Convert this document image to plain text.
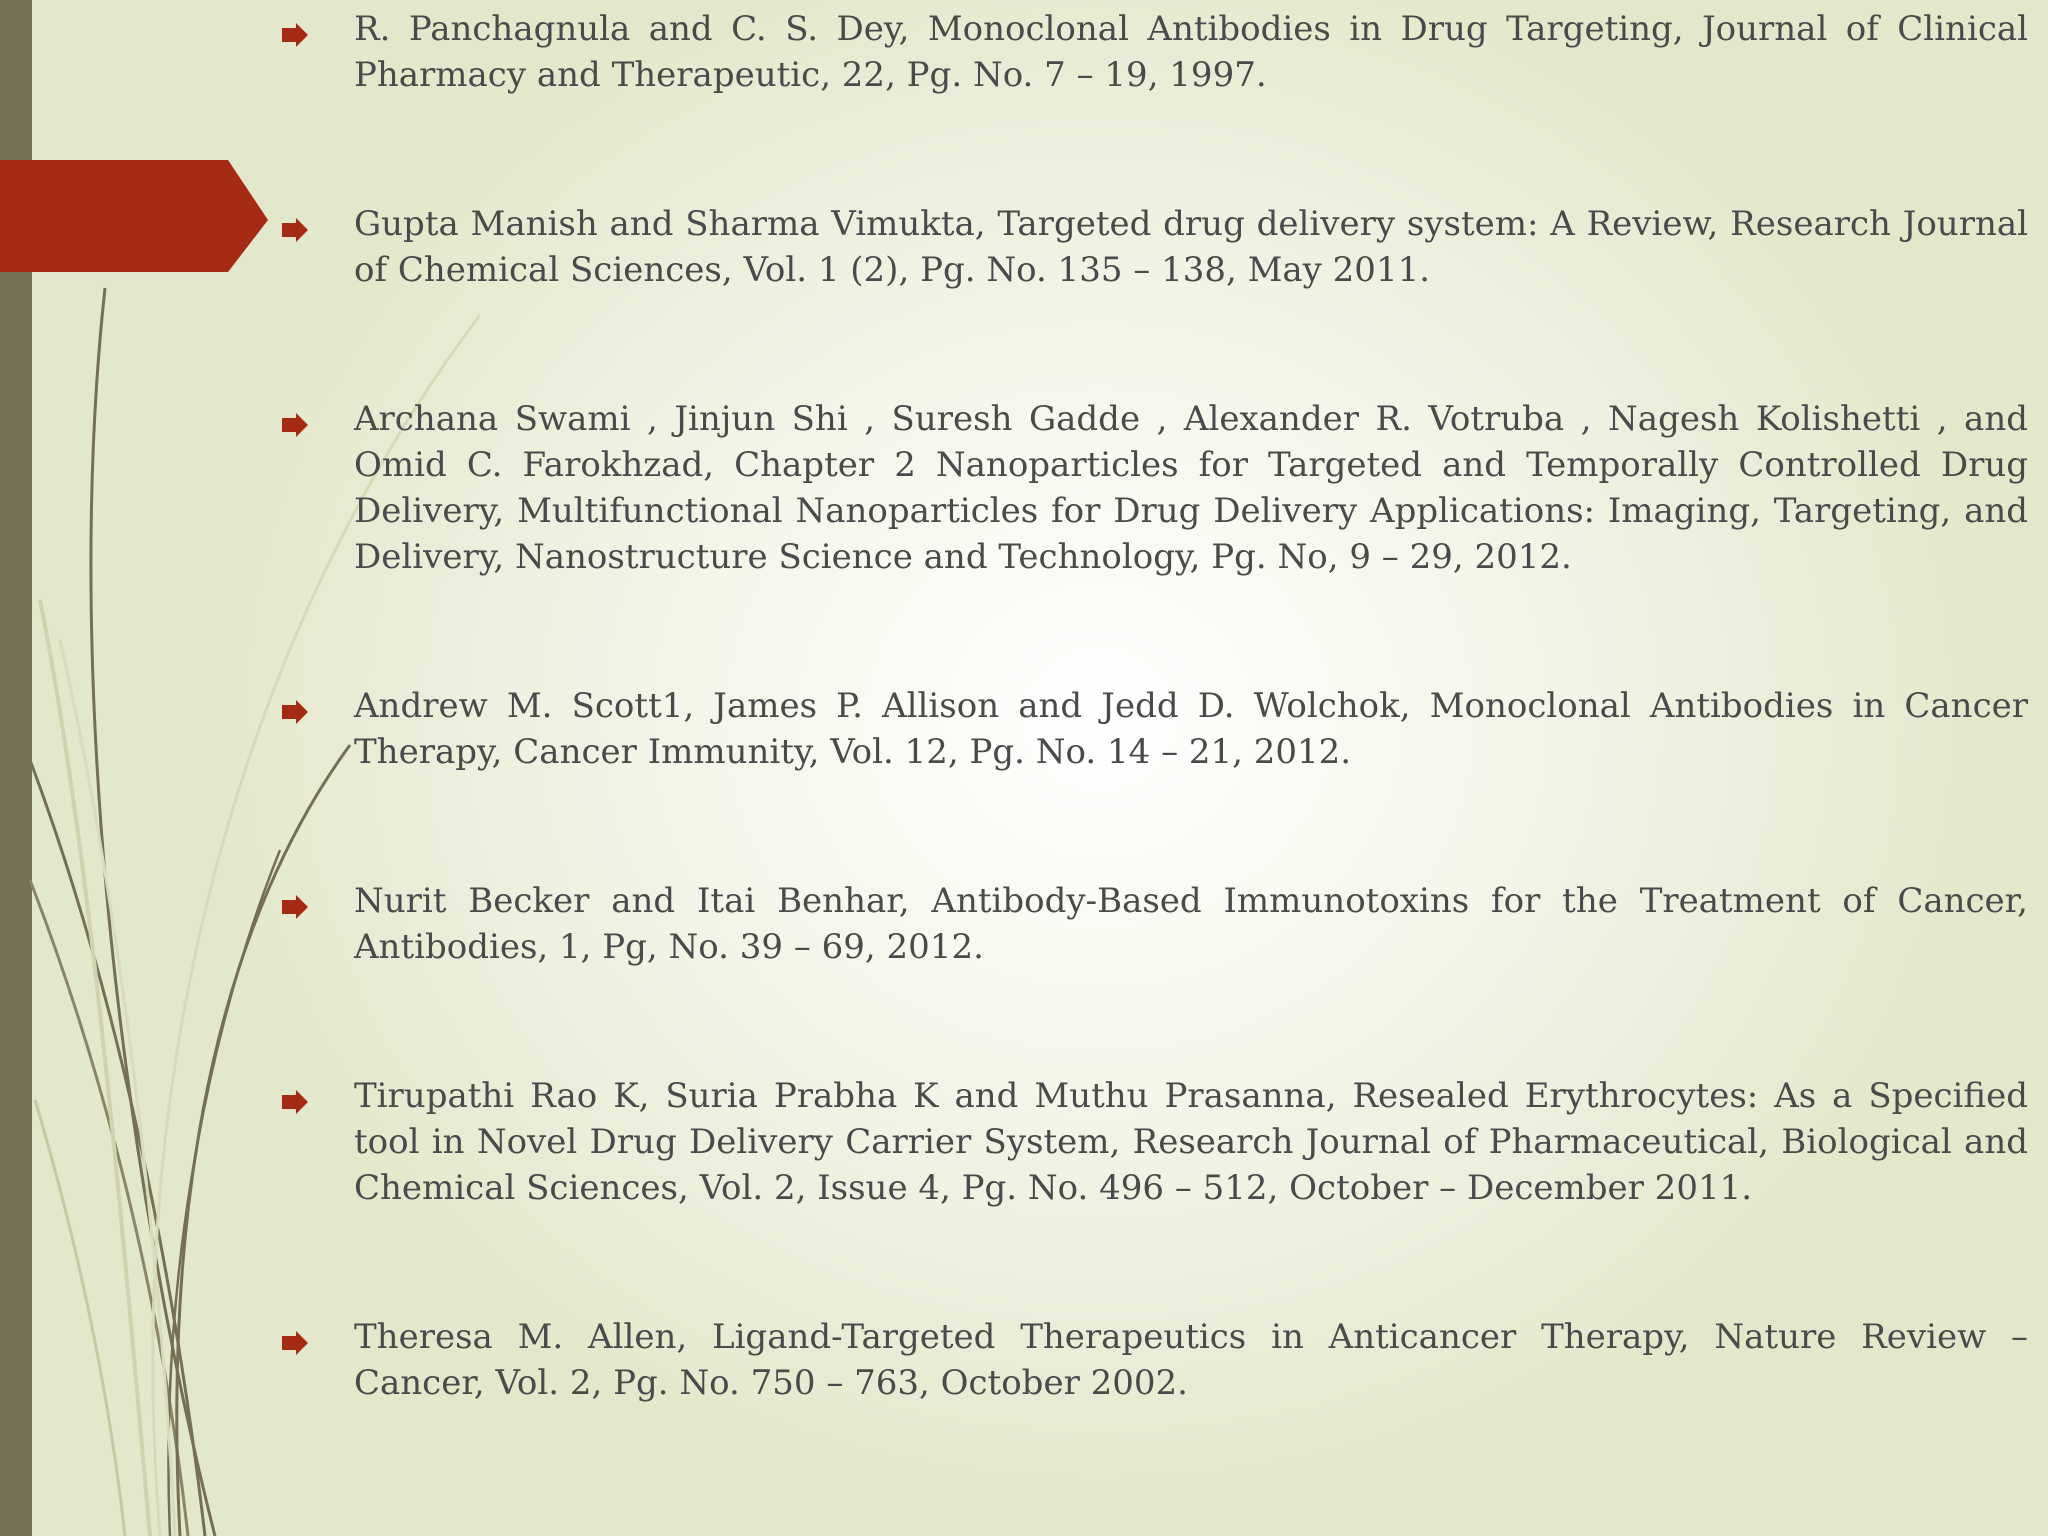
R. Panchagnula and C. S. Dey, Monoclonal Antibodies in Drug Targeting, Journal of Clinical Pharmacy and Therapeutic, 22, Pg. No. 7 – 19, 1997.
Gupta Manish and Sharma Vimukta, Targeted drug delivery system: A Review, Research Journal of Chemical Sciences, Vol. 1 (2), Pg. No. 135 – 138, May 2011.
Archana Swami , Jinjun Shi , Suresh Gadde , Alexander R. Votruba , Nagesh Kolishetti , and Omid C. Farokhzad, Chapter 2 Nanoparticles for Targeted and Temporally Controlled Drug Delivery, Multifunctional Nanoparticles for Drug Delivery Applications: Imaging, Targeting, and Delivery, Nanostructure Science and Technology, Pg. No, 9 – 29, 2012.
Andrew M. Scott1, James P. Allison and Jedd D. Wolchok, Monoclonal Antibodies in Cancer Therapy, Cancer Immunity, Vol. 12, Pg. No. 14 – 21, 2012.
Nurit Becker and Itai Benhar, Antibody-Based Immunotoxins for the Treatment of Cancer, Antibodies, 1, Pg, No. 39 – 69, 2012.
Tirupathi Rao K, Suria Prabha K and Muthu Prasanna, Resealed Erythrocytes: As a Specified tool in Novel Drug Delivery Carrier System, Research Journal of Pharmaceutical, Biological and Chemical Sciences, Vol. 2, Issue 4, Pg. No. 496 – 512, October – December 2011.
Theresa M. Allen, Ligand-Targeted Therapeutics in Anticancer Therapy, Nature Review – Cancer, Vol. 2, Pg. No. 750 – 763, October 2002.
